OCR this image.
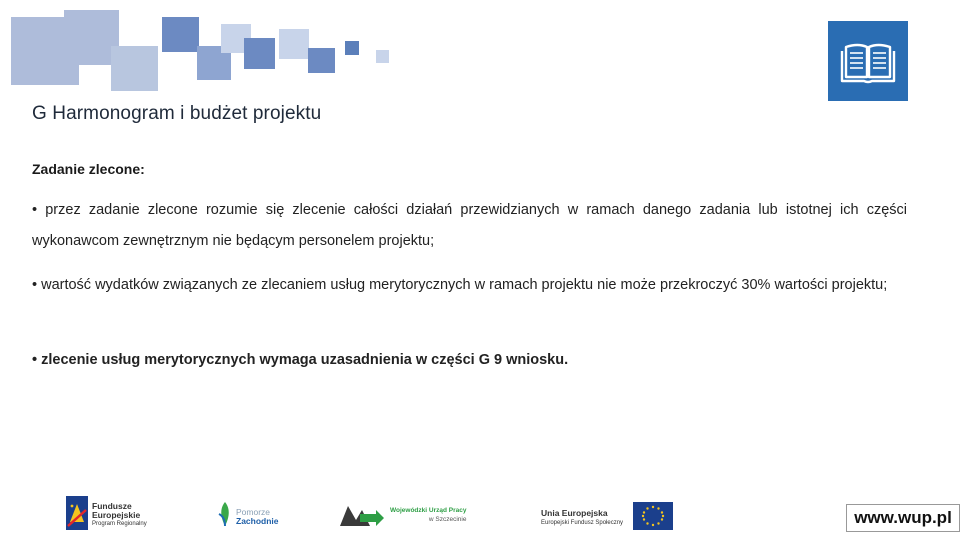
G Harmonogram i budżet projektu
Zadanie zlecone:
• przez zadanie zlecone rozumie się zlecenie całości działań przewidzianych w ramach danego zadania lub istotnej ich części wykonawcom zewnętrznym nie będącym personelem projektu;
• wartość wydatków związanych ze zlecaniem usług merytorycznych w ramach projektu nie może przekroczyć 30% wartości projektu;
• zlecenie usług merytorycznych wymaga uzasadnienia w części G 9 wniosku.
Fundusze
Europejskie
Program Regionalny
Pomorze
Zachodnie
Wojewódzki Urząd Pracy
w Szczecinie
Unia Europejska
Europejski Fundusz Społeczny	www.wup.pl
